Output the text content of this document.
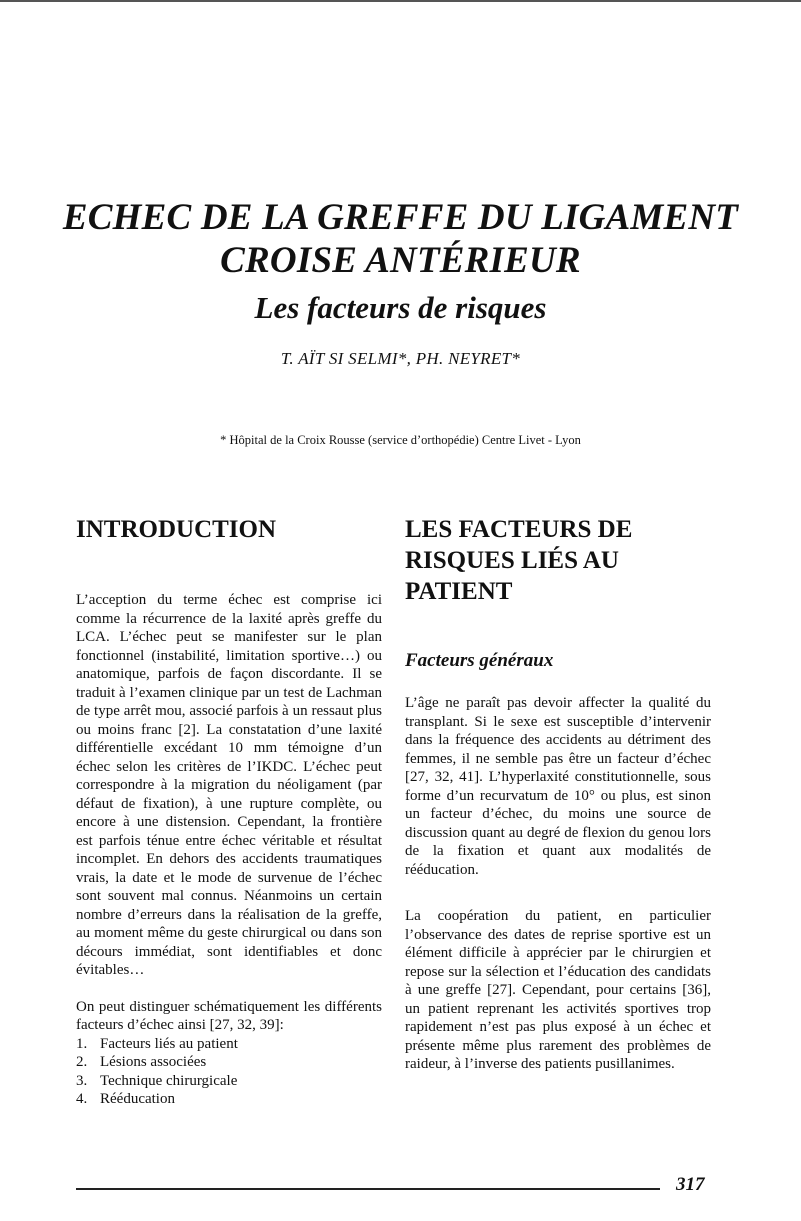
ECHEC DE LA GREFFE DU LIGAMENT
CROISE ANTÉRIEUR
Les facteurs de risques
T. AÏT SI SELMI*, PH. NEYRET*
* Hôpital de la Croix Rousse (service d’orthopédie) Centre Livet - Lyon
INTRODUCTION

L’acception du terme échec est comprise ici comme la récurrence de la laxité après greffe du LCA. L’échec peut se manifester sur le plan fonctionnel (instabilité, limitation sportive…) ou anatomique, parfois de façon discordante. Il se traduit à l’examen clinique par un test de Lachman de type arrêt mou, associé parfois à un ressaut plus ou moins franc [2]. La constatation d’une laxité différentielle excédant 10 mm témoigne d’un échec selon les critères de l’IKDC. L’échec peut correspondre à la migration du néoligament (par défaut de fixation), à une rupture complète, ou encore à une distension. Cependant, la frontière est parfois ténue entre échec véritable et résultat incomplet. En dehors des accidents traumatiques vrais, la date et le mode de survenue de l’échec sont souvent mal connus. Néanmoins un certain nombre d’erreurs dans la réalisation de la greffe, au moment même du geste chirurgical ou dans son décours immédiat, sont identifiables et donc évitables…

On peut distinguer schématiquement les différents facteurs d’échec ainsi [27, 32, 39]:

1. Facteurs liés au patient
2. Lésions associées
3. Technique chirurgicale
4. Rééducation
LES FACTEURS DE
RISQUES LIÉS AU
PATIENT
Facteurs généraux

L’âge ne paraît pas devoir affecter la qualité du transplant. Si le sexe est susceptible d’intervenir dans la fréquence des accidents au détriment des femmes, il ne semble pas être un facteur d’échec [27, 32, 41]. L’hyperlaxité constitutionnelle, sous forme d’un recurvatum de 10° ou plus, est sinon un facteur d’échec, du moins une source de discussion quant au degré de flexion du genou lors de la fixation et quant aux modalités de rééducation.

La coopération du patient, en particulier l’observance des dates de reprise sportive est un élément difficile à apprécier par le chirurgien et repose sur la sélection et l’éducation des candidats à une greffe [27]. Cependant, pour certains [36], un patient reprenant les activités sportives trop rapidement n’est pas plus exposé à un échec et présente même plus rarement des problèmes de raideur, à l’inverse des patients pusillanimes.

317
